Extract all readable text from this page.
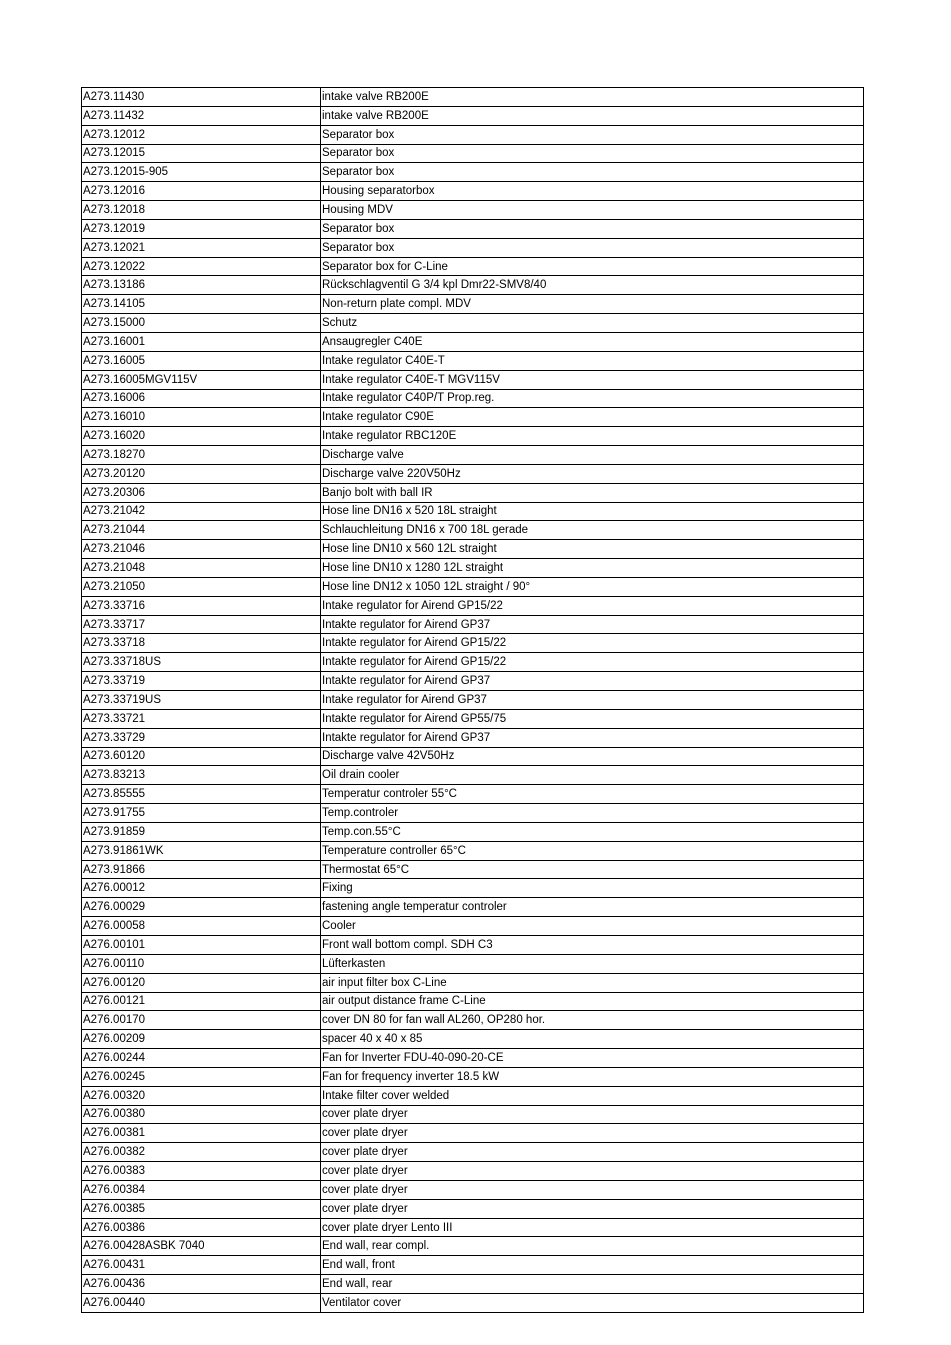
A273.11430	intake valve RB200E
A273.11432	intake valve RB200E
A273.12012	Separator box
A273.12015	Separator box
A273.12015-905	Separator box
A273.12016	Housing separatorbox
A273.12018	Housing MDV
A273.12019	Separator box
A273.12021	Separator box
A273.12022	Separator box for C-Line
A273.13186	Rückschlagventil G 3/4 kpl Dmr22-SMV8/40
A273.14105	Non-return plate compl. MDV
A273.15000	Schutz
A273.16001	Ansaugregler C40E
A273.16005	Intake regulator C40E-T
A273.16005MGV115V	Intake regulator C40E-T MGV115V
A273.16006	Intake regulator C40P/T Prop.reg.
A273.16010	Intake regulator C90E
A273.16020	Intake regulator RBC120E
A273.18270	Discharge valve
A273.20120	Discharge valve 220V50Hz
A273.20306	Banjo bolt with ball IR
A273.21042	Hose line DN16 x 520 18L straight
A273.21044	Schlauchleitung DN16 x 700 18L gerade
A273.21046	Hose line DN10 x 560 12L straight
A273.21048	Hose line DN10 x 1280 12L straight
A273.21050	Hose line DN12 x 1050 12L straight / 90°
A273.33716	Intake regulator for Airend GP15/22
A273.33717	Intakte regulator for Airend GP37
A273.33718	Intakte regulator for Airend GP15/22
A273.33718US	Intakte regulator for Airend GP15/22
A273.33719	Intakte regulator for Airend GP37
A273.33719US	Intake regulator for Airend GP37
A273.33721	Intakte regulator for Airend GP55/75
A273.33729	Intakte regulator for Airend GP37
A273.60120	Discharge valve 42V50Hz
A273.83213	Oil drain cooler
A273.85555	Temperatur controler 55°C
A273.91755	Temp.controler
A273.91859	Temp.con.55°C
A273.91861WK	Temperature controller 65°C
A273.91866	Thermostat 65°C
A276.00012	Fixing
A276.00029	fastening angle temperatur controler
A276.00058	Cooler
A276.00101	Front wall bottom compl. SDH C3
A276.00110	Lüfterkasten
A276.00120	air input filter box C-Line
A276.00121	air output distance frame C-Line
A276.00170	cover DN 80 for fan wall AL260, OP280 hor.
A276.00209	spacer 40 x 40 x 85
A276.00244	Fan for Inverter FDU-40-090-20-CE
A276.00245	Fan for frequency inverter 18.5 kW
A276.00320	Intake filter cover welded
A276.00380	cover plate dryer
A276.00381	cover plate dryer
A276.00382	cover plate dryer
A276.00383	cover plate dryer
A276.00384	cover plate dryer
A276.00385	cover plate dryer
A276.00386	cover plate dryer Lento III
A276.00428ASBK 7040	End wall, rear compl.
A276.00431	End wall, front
A276.00436	End wall, rear
A276.00440	Ventilator cover
